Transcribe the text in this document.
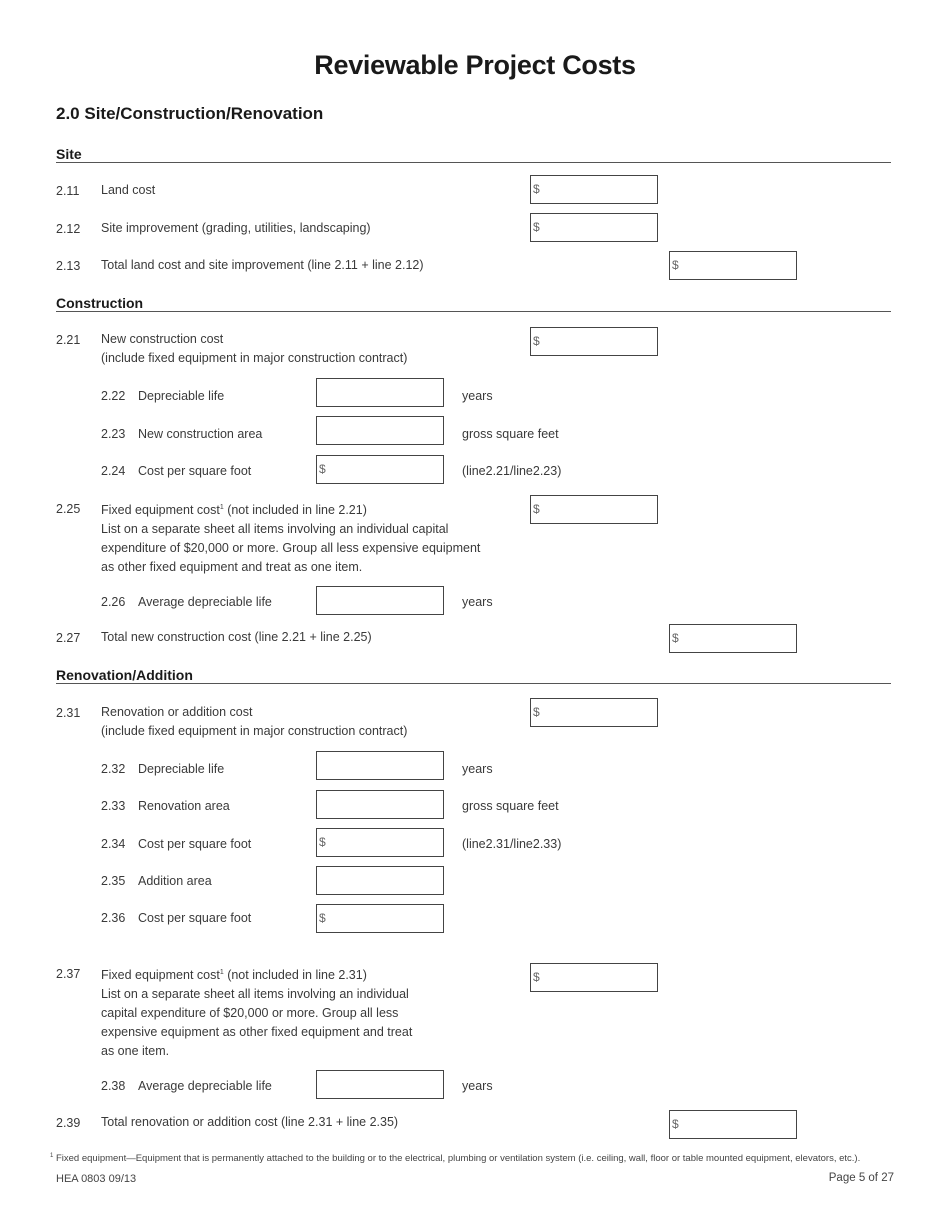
Reviewable Project Costs
2.0 Site/Construction/Renovation
Site
2.11 Land cost	$
2.12 Site improvement (grading, utilities, landscaping)	$
2.13 Total land cost and site improvement (line 2.11 + line 2.12)	$
Construction
2.21 New construction cost
(include fixed equipment in major construction contract)
$
2.22 Depreciable life	years
2.23 New construction area	gross square feet
2.24 Cost per square foot	$	(line2.21/line2.23)
2.25 Fixed equipment cost$^1$ (not included in line 2.21)
List on a separate sheet all items involving an individual capital
expenditure of $20,000 or more. Group all less expensive equipment
as other fixed equipment and treat as one item.
$
2.26 Average depreciable life	years
2.27 Total new construction cost (line 2.21 + line 2.25)	$
Renovation/Addition
2.31 Renovation or addition cost
(include fixed equipment in major construction contract)
$
2.32 Depreciable life	years
2.33 Renovation area	gross square feet
2.34 Cost per square foot	$	(line2.31/line2.33)
2.35 Addition area
2.36 Cost per square foot	$
2.37 Fixed equipment cost$^1$ (not included in line 2.31)
List on a separate sheet all items involving an individual
capital expenditure of $20,000 or more. Group all less
expensive equipment as other fixed equipment and treat
as one item.
$
2.38 Average depreciable life	years
2.39 Total renovation or addition cost (line 2.31 + line 2.35)	$
$^1$ Fixed equipment—Equipment that is permanently attached to the building or to the electrical, plumbing or ventilation system (i.e. ceiling, wall, floor or table mounted equipment, elevators, etc.).
HEA 0803 09/13	Page 5 of 27
